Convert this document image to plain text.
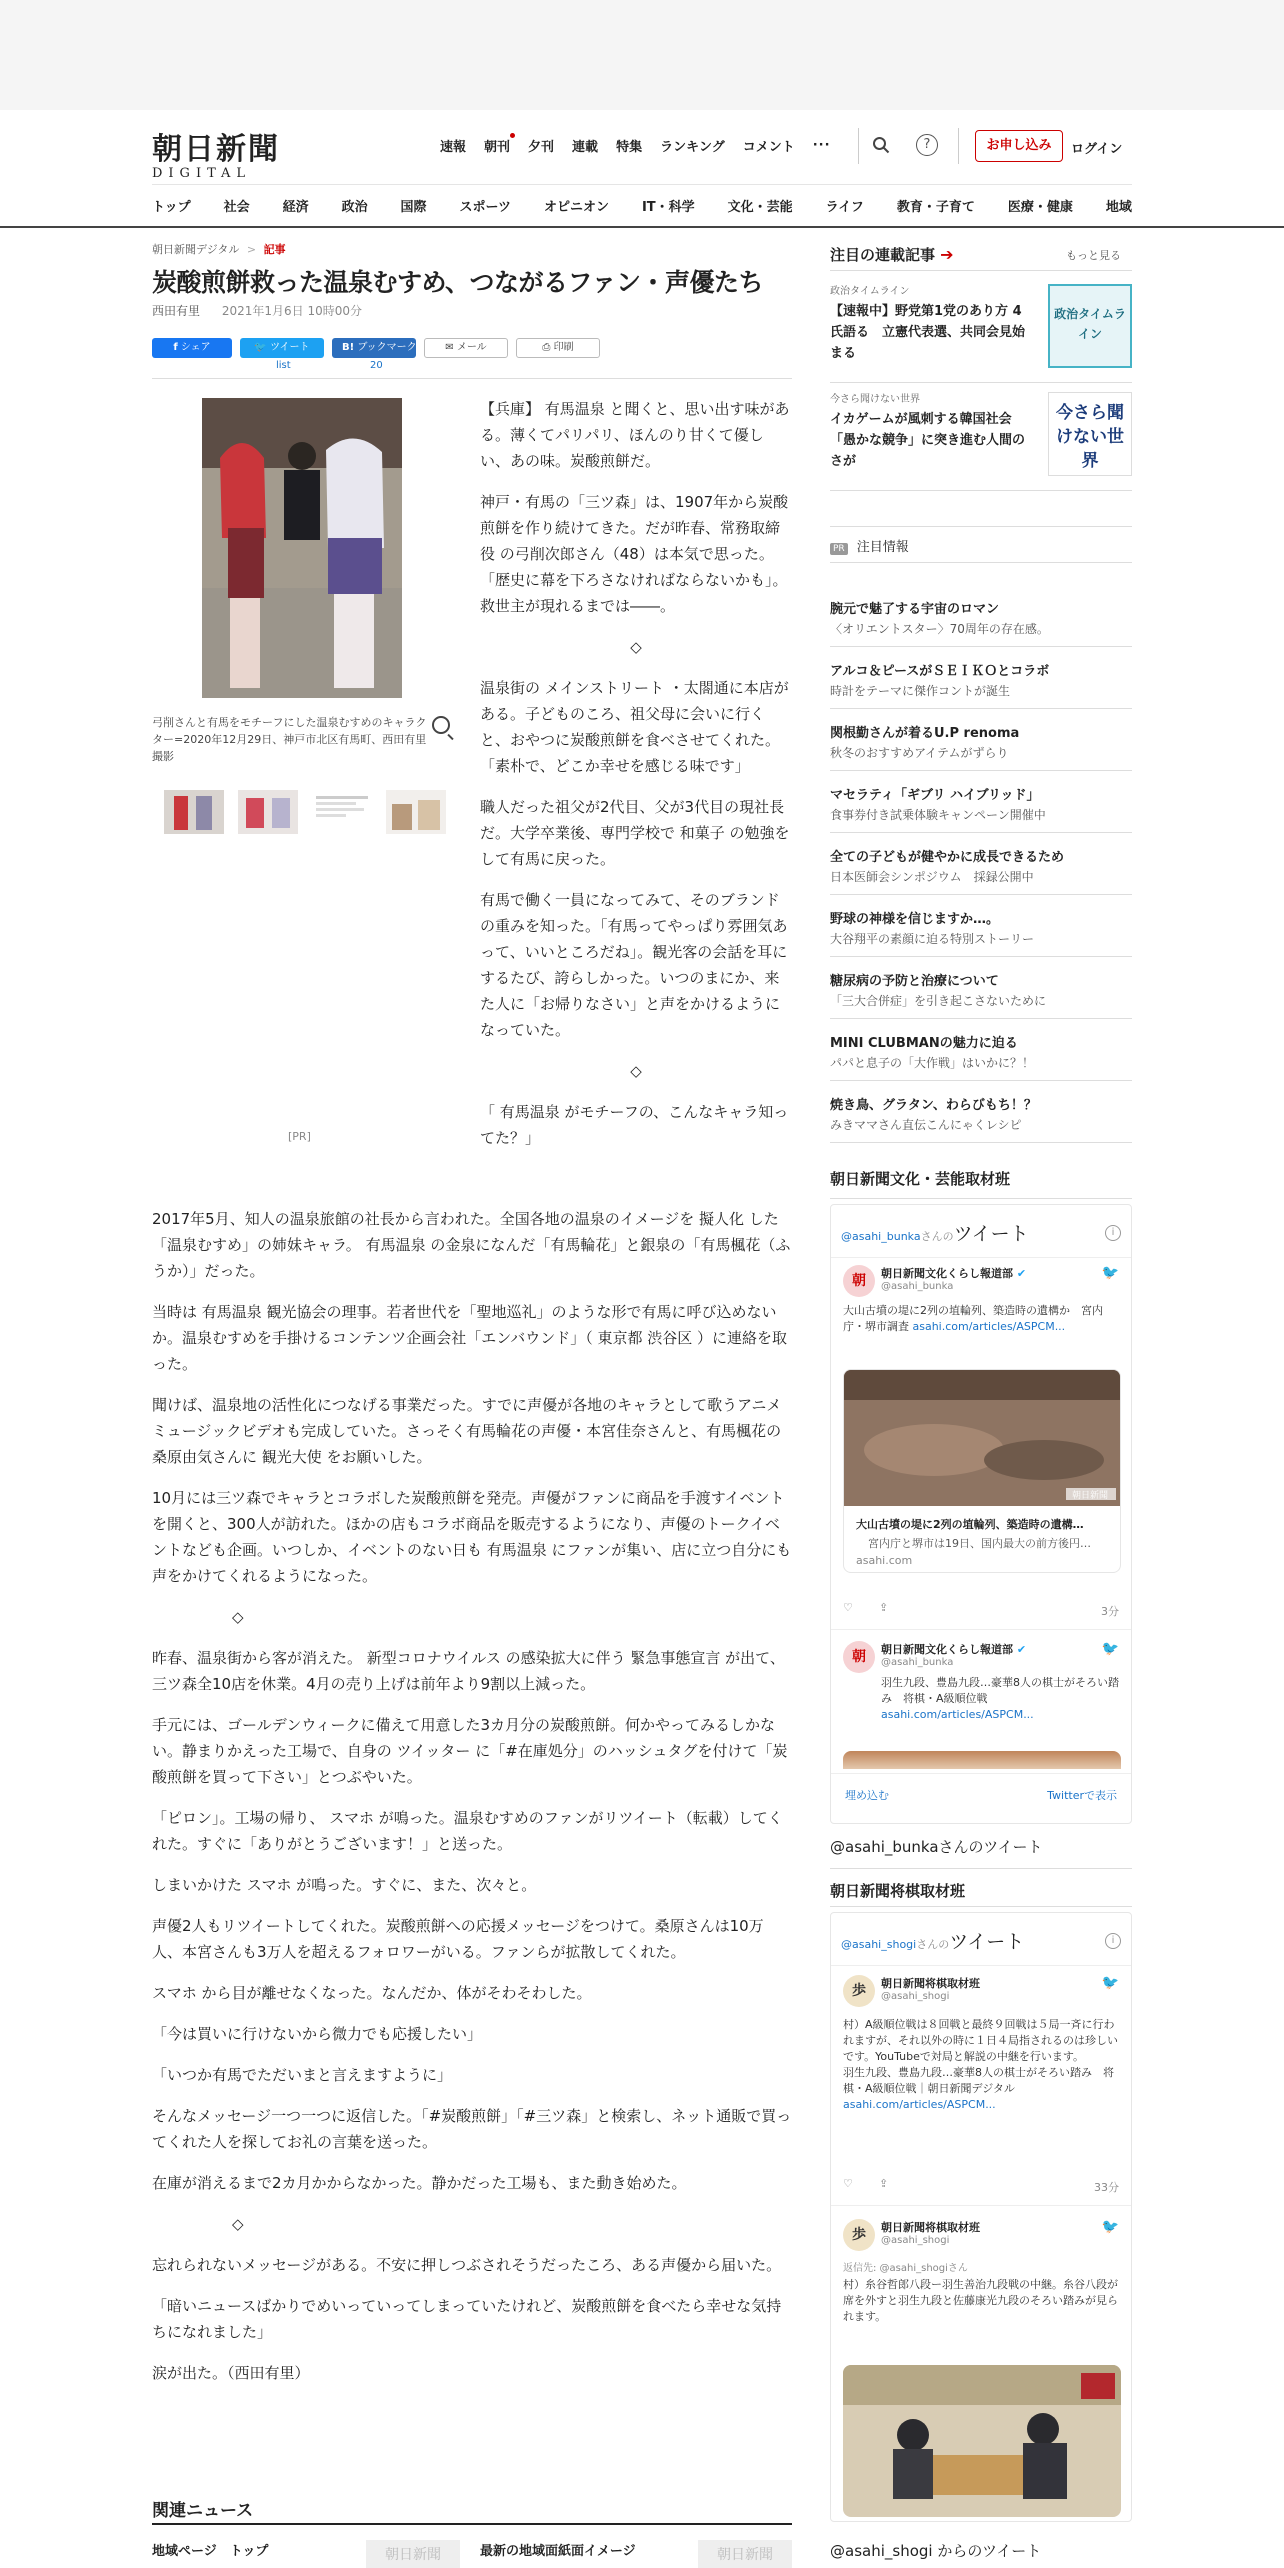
朝日新聞
DIGITAL
速報 朝刊 夕刊 連載 特集 ランキング コメント ···	?	お申し込み	ログイン
トップ	社会	経済	政治	国際	スポーツ	オピニオン	IT・科学	文化・芸能	ライフ	教育・子育て	医療・健康	地域
朝日新聞デジタル > 記事
炭酸煎餅救った温泉むすめ、つながるファン・声優たち
西田有里 2021年1月6日 10時00分
f シェア	🐦 ツイート	B! ブックマーク	✉ メール	⎙ 印刷
list	20
弓削さんと有馬をモチーフにした温泉むすめのキャラクター=2020年12月29日、神戸市北区有馬町、西田有里撮影
[PR]

【兵庫】 有馬温泉 と聞くと、思い出す味がある。薄くてパリパリ、ほんのり甘くて優しい、あの味。炭酸煎餅だ。

神戸・有馬の「三ツ森」は、1907年から炭酸煎餅を作り続けてきた。だが昨春、常務取締役 の弓削次郎さん（48）は本気で思った。「歴史に幕を下ろさなければならないかも」。救世主が現れるまでは――。

◇

温泉街の メインストリート ・太閤通に本店がある。子どものころ、祖父母に会いに行くと、おやつに炭酸煎餅を食べさせてくれた。「素朴で、どこか幸せを感じる味です」

職人だった祖父が2代目、父が3代目の現社長だ。大学卒業後、専門学校で 和菓子 の勉強をして有馬に戻った。

有馬で働く一員になってみて、そのブランドの重みを知った。「有馬ってやっぱり雰囲気あって、いいところだね」。観光客の会話を耳にするたび、誇らしかった。いつのまにか、来た人に「お帰りなさい」と声をかけるようになっていた。

◇

「 有馬温泉 がモチーフの、こんなキャラ知ってた？」

2017年5月、知人の温泉旅館の社長から言われた。全国各地の温泉のイメージを 擬人化 した「温泉むすめ」の姉妹キャラ。 有馬温泉 の金泉になんだ「有馬輪花」と銀泉の「有馬楓花（ふうか）」だった。

当時は 有馬温泉 観光協会の理事。若者世代を「聖地巡礼」のような形で有馬に呼び込めないか。温泉むすめを手掛けるコンテンツ企画会社「エンバウンド」（ 東京都 渋谷区 ）に連絡を取った。

聞けば、温泉地の活性化につなげる事業だった。すでに声優が各地のキャラとして歌うアニメミュージックビデオも完成していた。さっそく有馬輪花の声優・本宮佳奈さんと、有馬楓花の桑原由気さんに 観光大使 をお願いした。

10月には三ツ森でキャラとコラボした炭酸煎餅を発売。声優がファンに商品を手渡すイベントを開くと、300人が訪れた。ほかの店もコラボ商品を販売するようになり、声優のトークイベントなども企画。いつしか、イベントのない日も 有馬温泉 にファンが集い、店に立つ自分にも声をかけてくれるようになった。

◇

昨春、温泉街から客が消えた。 新型コロナウイルス の感染拡大に伴う 緊急事態宣言 が出て、三ツ森全10店を休業。4月の売り上げは前年より9割以上減った。

手元には、ゴールデンウィークに備えて用意した3カ月分の炭酸煎餅。何かやってみるしかない。静まりかえった工場で、自身の ツイッター に「#在庫処分」のハッシュタグを付けて「炭酸煎餅を買って下さい」とつぶやいた。

「ピロン」。工場の帰り、 スマホ が鳴った。温泉むすめのファンがリツイート（転載）してくれた。すぐに「ありがとうございます！」と送った。

しまいかけた スマホ が鳴った。すぐに、また、次々と。

声優2人もリツイートしてくれた。炭酸煎餅への応援メッセージをつけて。桑原さんは10万人、本宮さんも3万人を超えるフォロワーがいる。ファンらが拡散してくれた。

スマホ から目が離せなくなった。なんだか、体がそわそわした。

「今は買いに行けないから微力でも応援したい」

「いつか有馬でただいまと言えますように」

そんなメッセージ一つ一つに返信した。「#炭酸煎餅」「#三ツ森」と検索し、ネット通販で買ってくれた人を探してお礼の言葉を送った。

在庫が消えるまで2カ月かからなかった。静かだった工場も、また動き始めた。

◇

忘れられないメッセージがある。不安に押しつぶされそうだったころ、ある声優から届いた。

「暗いニュースばかりでめいっていってしまっていたけれど、炭酸煎餅を食べたら幸せな気持ちになれました」

涙が出た。（西田有里）

関連ニュース
地域ページ　トップ	朝日新聞	最新の地域面紙面イメージ	朝日新聞
注目の連載記事 ➔	もっと見る
政治タイムライン
【速報中】野党第1党のあり方 4氏語る　立憲代表選、共同会見始まる
政治タイムライン
今さら聞けない世界
イカゲームが風刺する韓国社会 「愚かな競争」に突き進む人間のさが
今さら聞けない世界
PR 注目情報
腕元で魅了する宇宙のロマン
〈オリエントスター〉70周年の存在感。
アルコ＆ピースがＳＥＩＫＯとコラボ
時計をテーマに傑作コントが誕生
関根勤さんが着るU.P renoma
秋冬のおすすめアイテムがずらり
マセラティ「ギブリ ハイブリッド」
食事券付き試乗体験キャンペーン開催中
全ての子どもが健やかに成長できるため
日本医師会シンポジウム　採録公開中
野球の神様を信じますか…。
大谷翔平の素顔に迫る特別ストーリー
糖尿病の予防と治療について
「三大合併症」を引き起こさないために
MINI CLUBMANの魅力に迫る
パパと息子の「大作戦」はいかに？！
焼き鳥、グラタン、わらびもち！？
みきママさん直伝こんにゃくレシピ
朝日新聞文化・芸能取材班
@asahi_bunkaさんのツイート	i
朝	朝日新聞文化くらし報道部 ✔
@asahi_bunka
🐦
大山古墳の堤に2列の埴輪列、築造時の遺構か　宮内庁・堺市調査 asahi.com/articles/ASPCM...
朝日新聞
大山古墳の堤に2列の埴輪列、築造時の遺構…
宮内庁と堺市は19日、国内最大の前方後円…
asahi.com
♡ ⇪	3分
朝	朝日新聞文化くらし報道部 ✔
@asahi_bunka
🐦
羽生九段、豊島九段…豪華8人の棋士がそろい踏み　将棋・A級順位戦 asahi.com/articles/ASPCM...
埋め込む	Twitterで表示
@asahi_bunkaさんのツイート
朝日新聞将棋取材班
@asahi_shogiさんのツイート	i
歩	朝日新聞将棋取材班
@asahi_shogi
🐦
村）A級順位戦は８回戦と最終９回戦は５局一斉に行われますが、それ以外の時に１日４局指されるのは珍しいです。YouTubeで対局と解説の中継を行います。
羽生九段、豊島九段…豪華8人の棋士がそろい踏み　将棋・A級順位戦｜朝日新聞デジタル asahi.com/articles/ASPCM...
♡ ⇪	33分
歩	朝日新聞将棋取材班
@asahi_shogi
🐦
返信先: @asahi_shogiさん
村）糸谷哲郎八段ー羽生善治九段戦の中継。糸谷八段が席を外すと羽生九段と佐藤康光九段のそろい踏みが見られます。
@asahi_shogi からのツイート
